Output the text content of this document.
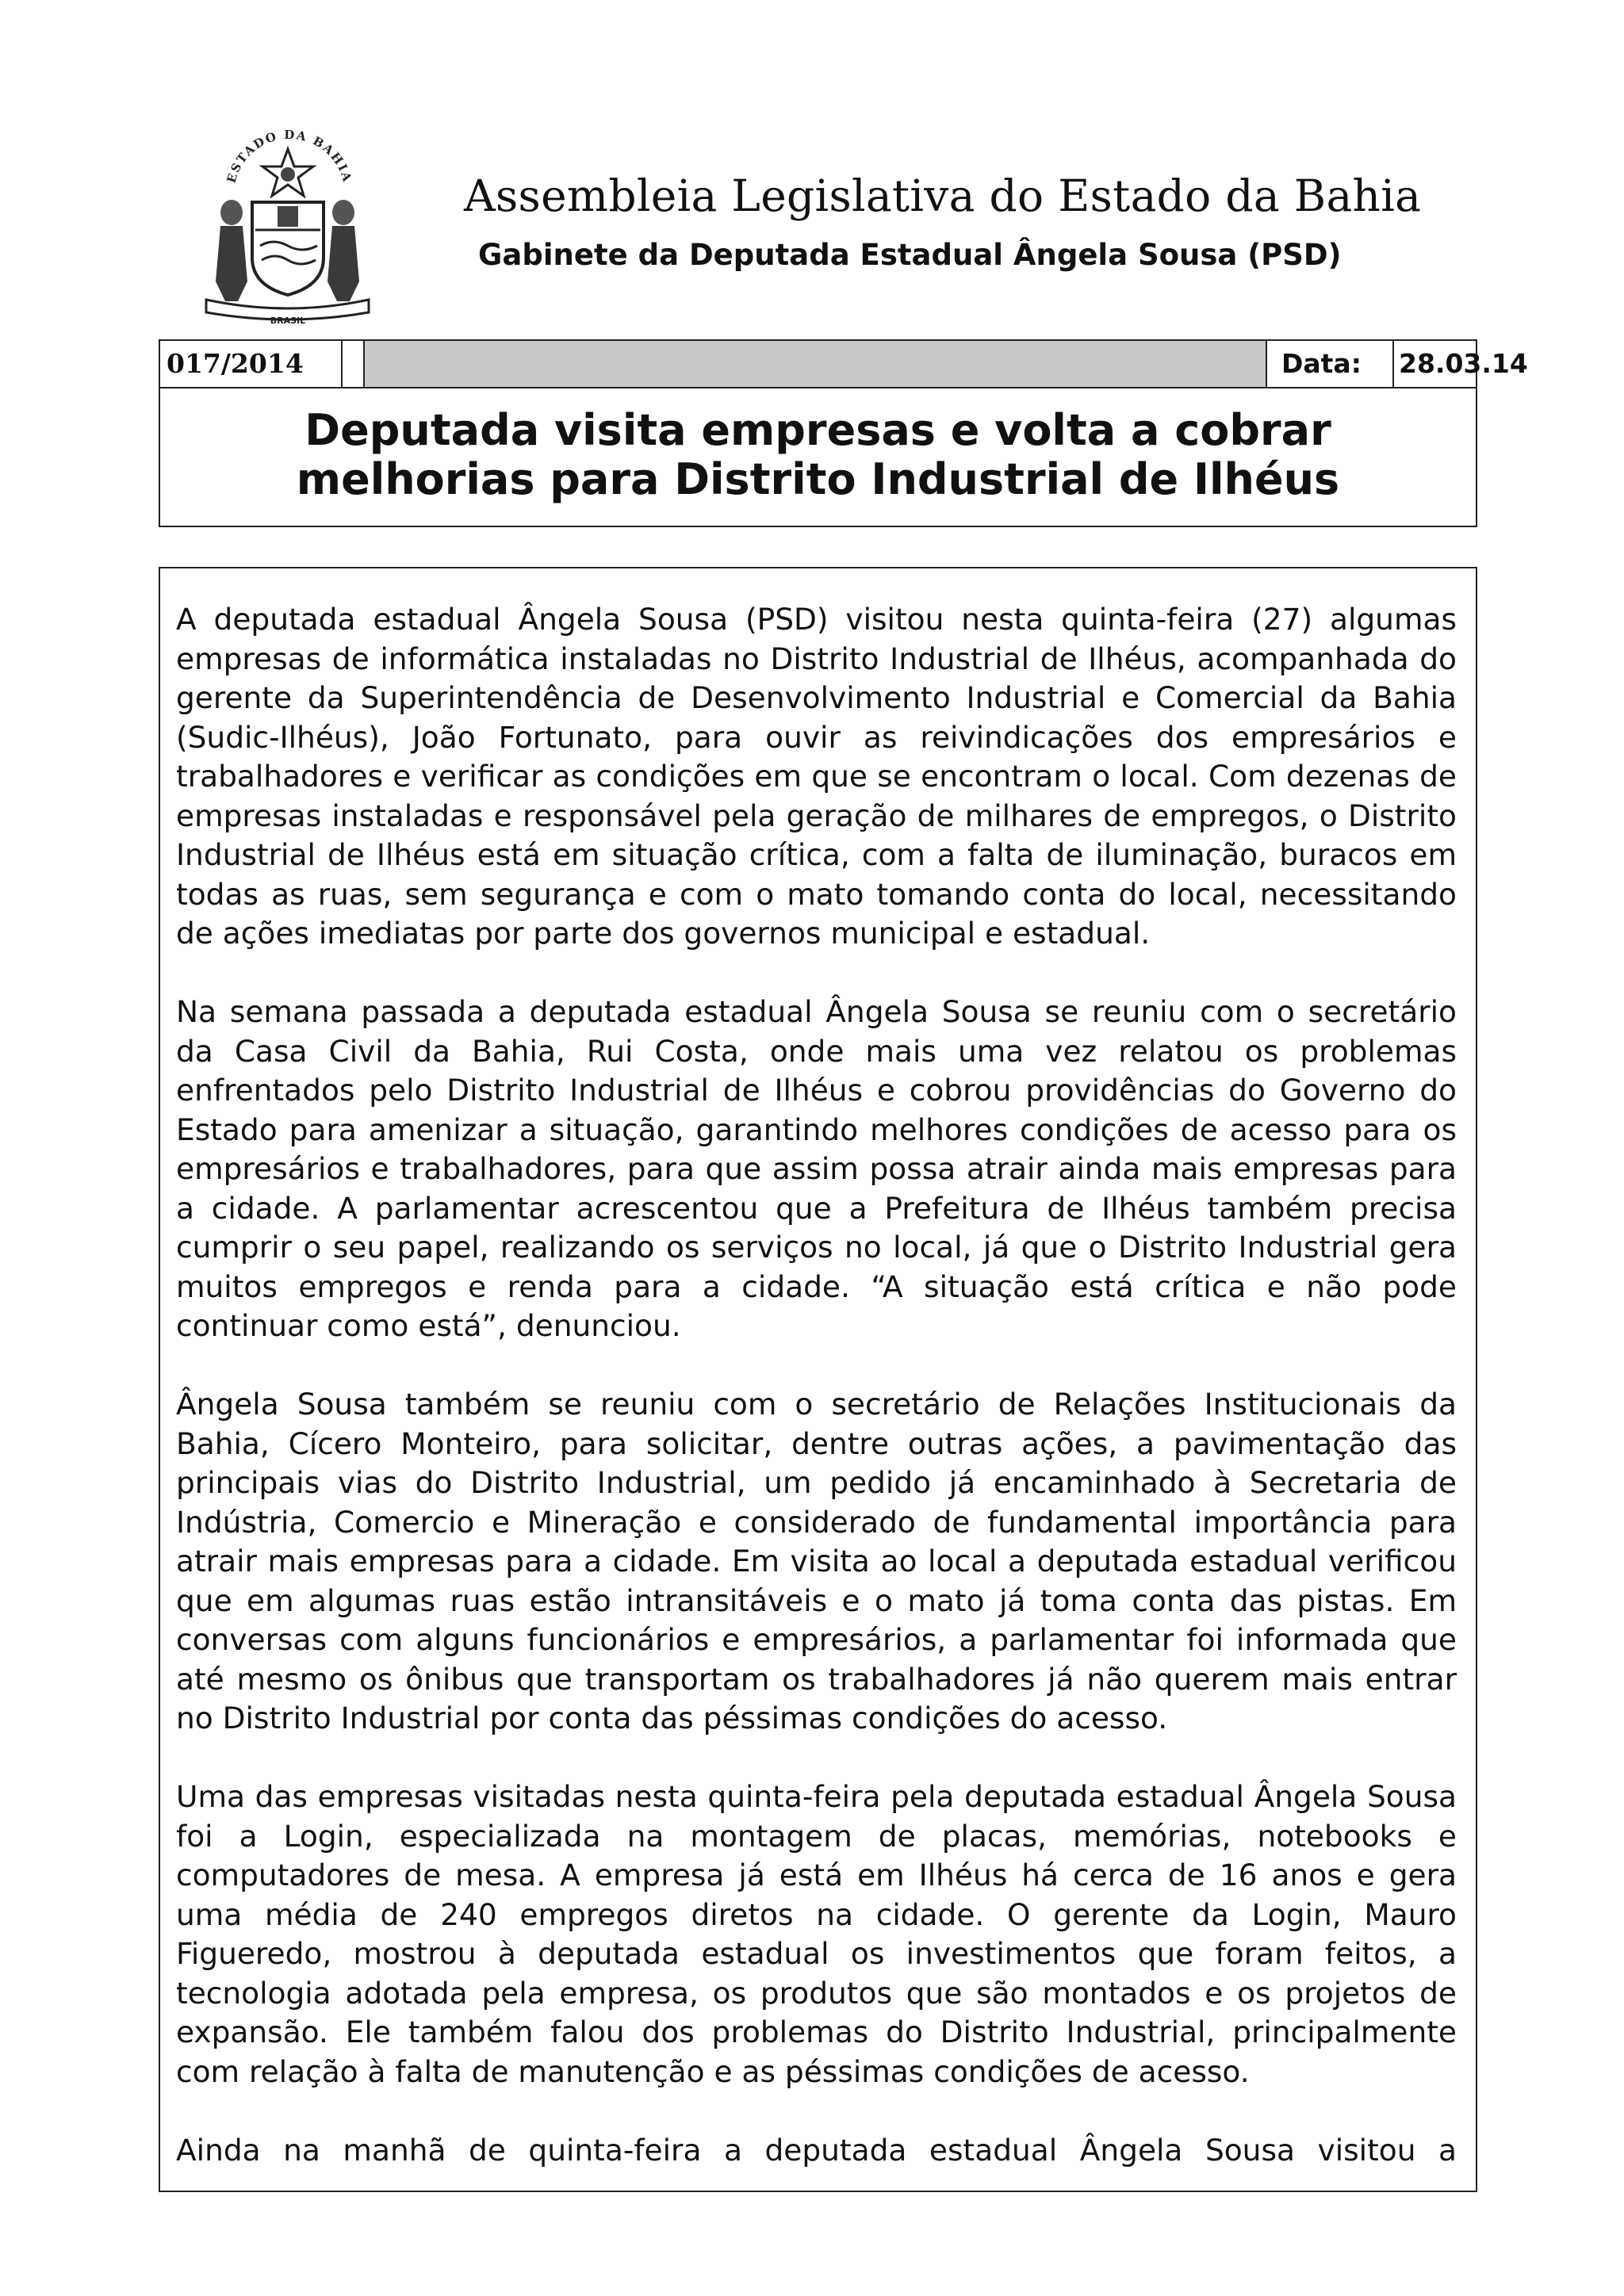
ESTADO DA BAHIA
BRASIL
Assembleia Legislativa do Estado da Bahia
Gabinete da Deputada Estadual Ângela Sousa (PSD)
017/2014	Data:	28.03.14
Deputada visita empresas e volta a cobrar
melhorias para Distrito Industrial de Ilhéus

A deputada estadual Ângela Sousa (PSD) visitou nesta quinta-feira (27) algumas empresas de informática instaladas no Distrito Industrial de Ilhéus, acompanhada do gerente da Superintendência de Desenvolvimento Industrial e Comercial da Bahia (Sudic-Ilhéus), João Fortunato, para ouvir as reivindicações dos empresários e trabalhadores e verificar as condições em que se encontram o local. Com dezenas de empresas instaladas e responsável pela geração de milhares de empregos, o Distrito Industrial de Ilhéus está em situação crítica, com a falta de iluminação, buracos em todas as ruas, sem segurança e com o mato tomando conta do local, necessitando de ações imediatas por parte dos governos municipal e estadual.

Na semana passada a deputada estadual Ângela Sousa se reuniu com o secretário da Casa Civil da Bahia, Rui Costa, onde mais uma vez relatou os problemas enfrentados pelo Distrito Industrial de Ilhéus e cobrou providências do Governo do Estado para amenizar a situação, garantindo melhores condições de acesso para os empresários e trabalhadores, para que assim possa atrair ainda mais empresas para a cidade. A parlamentar acrescentou que a Prefeitura de Ilhéus também precisa cumprir o seu papel, realizando os serviços no local, já que o Distrito Industrial gera muitos empregos e renda para a cidade. “A situação está crítica e não pode continuar como está”, denunciou.

Ângela Sousa também se reuniu com o secretário de Relações Institucionais da Bahia, Cícero Monteiro, para solicitar, dentre outras ações, a pavimentação das principais vias do Distrito Industrial, um pedido já encaminhado à Secretaria de Indústria, Comercio e Mineração e considerado de fundamental importância para atrair mais empresas para a cidade. Em visita ao local a deputada estadual verificou que em algumas ruas estão intransitáveis e o mato já toma conta das pistas. Em conversas com alguns funcionários e empresários, a parlamentar foi informada que até mesmo os ônibus que transportam os trabalhadores já não querem mais entrar no Distrito Industrial por conta das péssimas condições do acesso.

Uma das empresas visitadas nesta quinta-feira pela deputada estadual Ângela Sousa foi a Login, especializada na montagem de placas, memórias, notebooks e computadores de mesa. A empresa já está em Ilhéus há cerca de 16 anos e gera uma média de 240 empregos diretos na cidade. O gerente da Login, Mauro Figueredo, mostrou à deputada estadual os investimentos que foram feitos, a tecnologia adotada pela empresa, os produtos que são montados e os projetos de expansão. Ele também falou dos problemas do Distrito Industrial, principalmente com relação à falta de manutenção e as péssimas condições de acesso.

Ainda na manhã de quinta-feira a deputada estadual Ângela Sousa visitou a
